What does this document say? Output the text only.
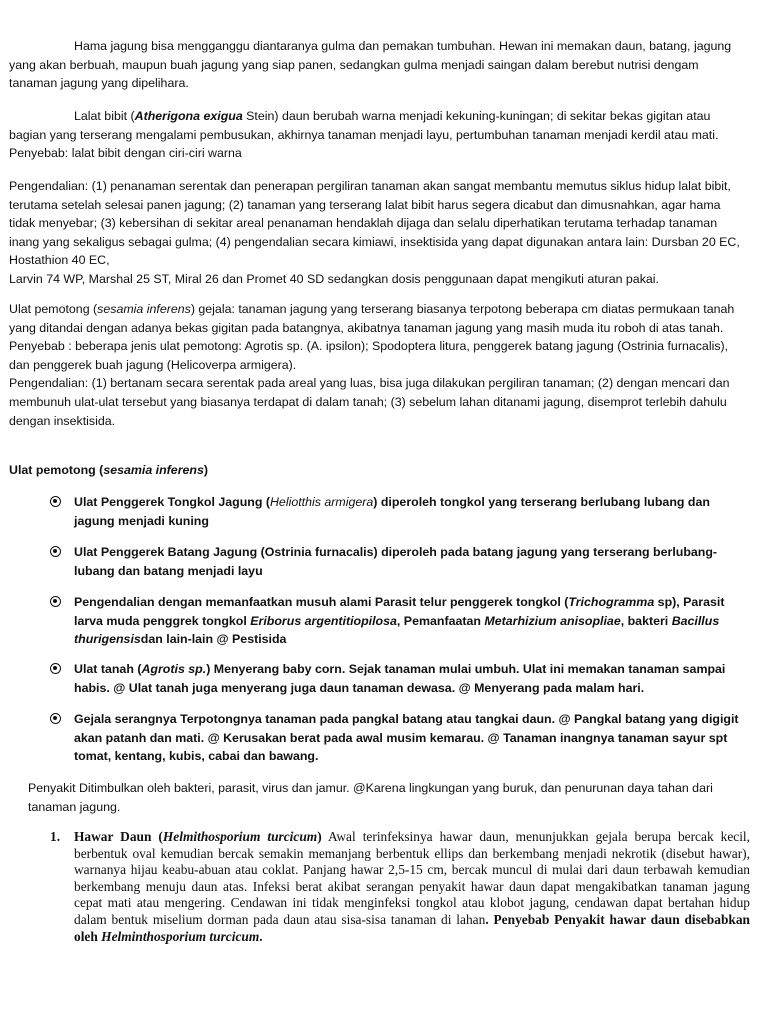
Hama jagung bisa mengganggu diantaranya gulma dan pemakan tumbuhan. Hewan ini memakan daun, batang, jagung yang akan berbuah, maupun buah jagung yang siap panen, sedangkan gulma menjadi saingan dalam berebut nutrisi dengam tanaman jagung yang dipelihara.

Lalat bibit (Atherigona exigua Stein) daun berubah warna menjadi kekuning-kuningan; di sekitar bekas gigitan atau bagian yang terserang mengalami pembusukan, akhirnya tanaman menjadi layu, pertumbuhan tanaman menjadi kerdil atau mati. Penyebab: lalat bibit dengan ciri-ciri warna

Pengendalian: (1) penanaman serentak dan penerapan pergiliran tanaman akan sangat membantu memutus siklus hidup lalat bibit, terutama setelah selesai panen jagung; (2) tanaman yang terserang lalat bibit harus segera dicabut dan dimusnahkan, agar hama tidak menyebar; (3) kebersihan di sekitar areal penanaman hendaklah dijaga dan selalu diperhatikan terutama terhadap tanaman inang yang sekaligus sebagai gulma; (4) pengendalian secara kimiawi, insektisida yang dapat digunakan antara lain: Dursban 20 EC, Hostathion 40 EC,
Larvin 74 WP, Marshal 25 ST, Miral 26 dan Promet 40 SD sedangkan dosis penggunaan dapat mengikuti aturan pakai.

Ulat pemotong (sesamia inferens) gejala: tanaman jagung yang terserang biasanya terpotong beberapa cm diatas permukaan tanah yang ditandai dengan adanya bekas gigitan pada batangnya, akibatnya tanaman jagung yang masih muda itu roboh di atas tanah.
Penyebab : beberapa jenis ulat pemotong: Agrotis sp. (A. ipsilon); Spodoptera litura, penggerek batang jagung (Ostrinia furnacalis), dan penggerek buah jagung (Helicoverpa armigera).
Pengendalian: (1) bertanam secara serentak pada areal yang luas, bisa juga dilakukan pergiliran tanaman; (2) dengan mencari dan membunuh ulat-ulat tersebut yang biasanya terdapat di dalam tanah; (3) sebelum lahan ditanami jagung, disemprot terlebih dahulu dengan insektisida.

Ulat pemotong (sesamia inferens)

Ulat Penggerek Tongkol Jagung (Heliotthis armigera) diperoleh tongkol yang terserang berlubang lubang dan jagung menjadi kuning
Ulat Penggerek Batang Jagung (Ostrinia furnacalis) diperoleh pada batang jagung yang terserang berlubang-lubang dan batang menjadi layu
Pengendalian dengan memanfaatkan musuh alami Parasit telur penggerek tongkol (Trichogramma sp), Parasit larva muda penggrek tongkol Eriborus argentitiopilosa, Pemanfaatan Metarhizium anisopliae, bakteri Bacillus thurigensisdan lain-lain @ Pestisida
Ulat tanah (Agrotis sp.) Menyerang baby corn. Sejak tanaman mulai umbuh. Ulat ini memakan tanaman sampai habis. @ Ulat tanah juga menyerang juga daun tanaman dewasa. @ Menyerang pada malam hari.
Gejala serangnya Terpotongnya tanaman pada pangkal batang atau tangkai daun. @ Pangkal batang yang digigit akan patanh dan mati. @ Kerusakan berat pada awal musim kemarau. @ Tanaman inangnya tanaman sayur spt tomat, kentang, kubis, cabai dan bawang.

Penyakit Ditimbulkan oleh bakteri, parasit, virus dan jamur. @Karena lingkungan yang buruk, dan penurunan daya tahan dari tanaman jagung.

1.	Hawar Daun (Helmithosporium turcicum) Awal terinfeksinya hawar daun, menunjukkan gejala berupa bercak kecil, berbentuk oval kemudian bercak semakin memanjang berbentuk ellips dan berkembang menjadi nekrotik (disebut hawar), warnanya hijau keabu-abuan atau coklat. Panjang hawar 2,5-15 cm, bercak muncul di mulai dari daun terbawah kemudian berkembang menuju daun atas. Infeksi berat akibat serangan penyakit hawar daun dapat mengakibatkan tanaman jagung cepat mati atau mengering. Cendawan ini tidak menginfeksi tongkol atau klobot jagung, cendawan dapat bertahan hidup dalam bentuk miselium dorman pada daun atau sisa-sisa tanaman di lahan. Penyebab Penyakit hawar daun disebabkan oleh Helminthosporium turcicum.
